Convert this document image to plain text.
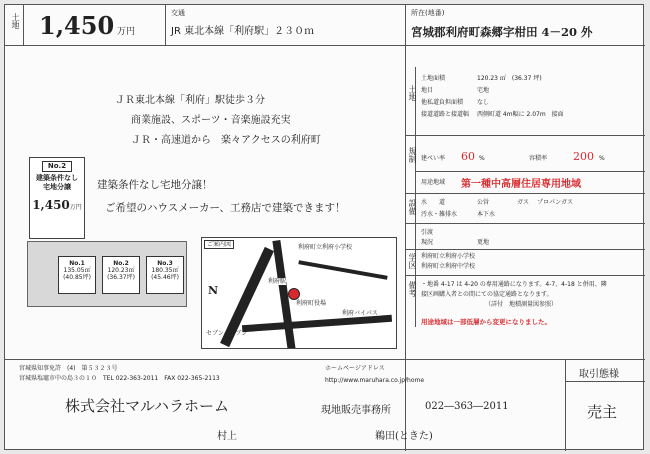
土地 1,450 万円
交通
JR 東北本線「利府駅」２３０ｍ
所在(地番)
宮城郡利府町森郷字柑田 4－20 外
ＪＲ東北本線「利府」駅徒歩３分
商業施設、スポーツ・音楽施設充実
ＪＲ・高速道から　楽々アクセスの利府町
建築条件なし宅地分譲！
ご希望のハウスメーカー、工務店で建築できます！
No.2
建築条件なし
宅地分譲
1,450万円
No.1
135.05㎡
(40.85坪)
No.2
120.23㎡
(36.37坪)
No.3
180.35㎡
(45.46坪)
ご案内図
N
利府町立利府小学校
利府駅
利府町役場
利府バイパス
セブンイレブン
土地
土地面積	120.23 ㎡　(36.37 坪)
地目	宅地
他私道負担面積	なし
接道道路と接道幅	西側町道 4m幅に 2.07m　接面
規制 建ぺい率 60 %	容積率 200 %
用途地域 第一種中高層住居専用地域
設備 水　　道	公営	ガス	プロパンガス
汚水・雑排水	本下水
引渡
現況	更地
学区 利府町立利府小学校
利府町立利府中学校
備考 ・地番 4-17 は 4-20 の専用通路になります。4-7、4-18 と併用、隣
接区画購入者との間にての協定通路となります。
（詳付　地積測量図参照）
用途地域は一部低層から変更になりました。
宮城県知事免許　(4)　第５３２３号
宮城県塩竈市中の島３の１０　TEL 022-363-2011　FAX 022-365-2113
ホームページアドレス
http://www.maruhara.co.jp/home
株式会社マルハラホーム	現地販売事務所	022―363―2011
村上	鵜田(ときた)
取引態様
売主
